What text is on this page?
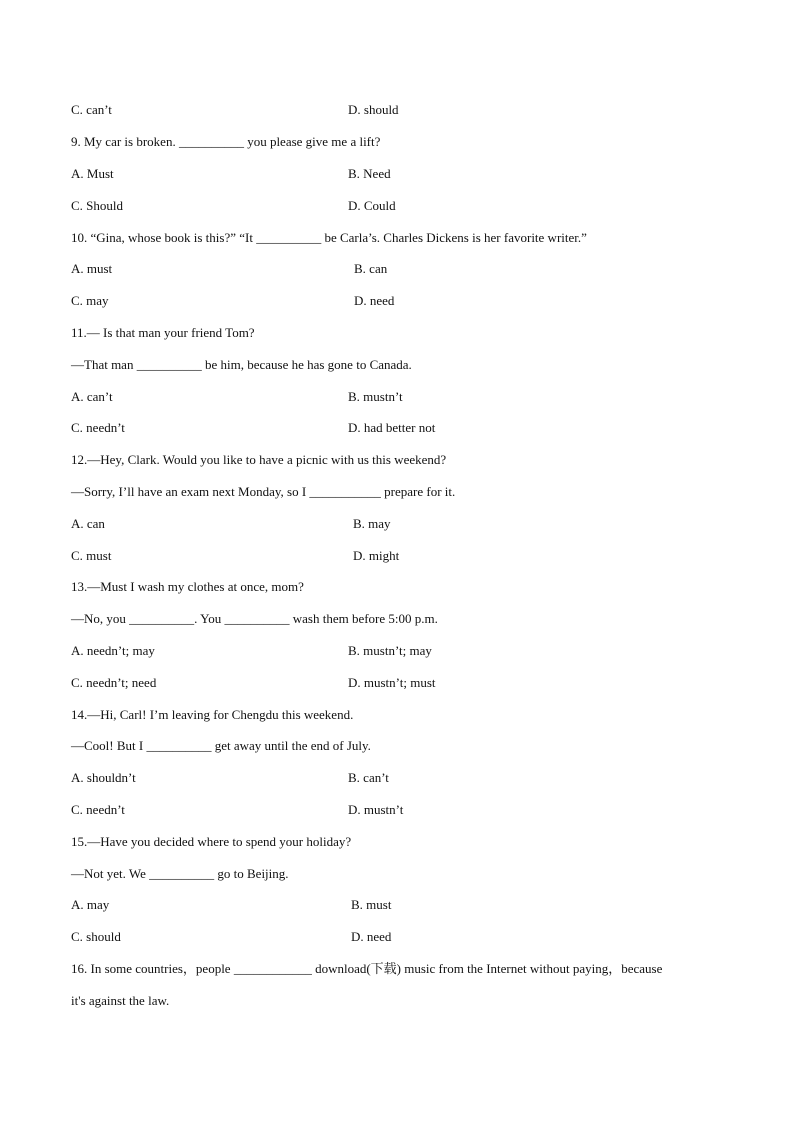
C. can’t	D. should
9. My car is broken. __________ you please give me a lift?
A. Must	B. Need
C. Should	D. Could
10. “Gina, whose book is this?” “It __________ be Carla’s. Charles Dickens is her favorite writer.”
A. must	B. can
C. may	D. need
11.— Is that man your friend Tom?
—That man __________ be him, because he has gone to Canada.
A. can’t	B. mustn’t
C. needn’t	D. had better not
12.—Hey, Clark. Would you like to have a picnic with us this weekend?
—Sorry, I’ll have an exam next Monday, so I ___________ prepare for it.
A. can	B. may
C. must	D. might
13.—Must I wash my clothes at once, mom?
—No, you __________. You __________ wash them before 5:00 p.m.
A. needn’t; may	B. mustn’t; may
C. needn’t; need	D. mustn’t; must
14.—Hi, Carl! I’m leaving for Chengdu this weekend.
—Cool! But I __________ get away until the end of July.
A. shouldn’t	B. can’t
C. needn’t	D. mustn’t
15.—Have you decided where to spend your holiday?
—Not yet. We __________ go to Beijing.
A. may	B. must
C. should	D. need
16. In some countries，people ____________ download(下载) music from the Internet without paying，because
it's against the law.
